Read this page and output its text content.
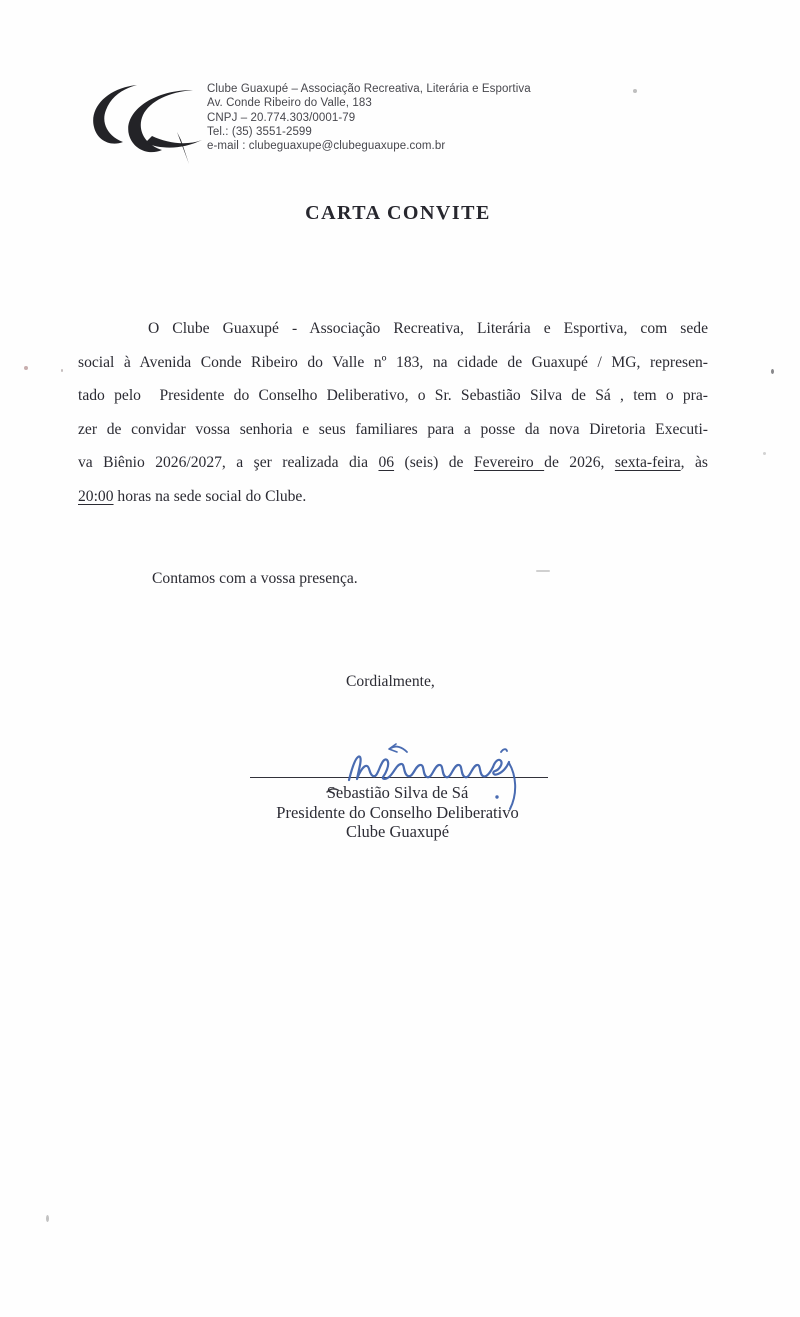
Clube Guaxupé – Associação Recreativa, Literária e Esportiva
Av. Conde Ribeiro do Valle, 183
CNPJ – 20.774.303/0001-79
Tel.: (35) 3551-2599
e-mail : clubeguaxupe@clubeguaxupe.com.br
CARTA CONVITE
O Clube Guaxupé - Associação Recreativa, Literária e Esportiva, com sede
social à Avenida Conde Ribeiro do Valle nº 183, na cidade de Guaxupé / MG, represen-
tado pelo  Presidente do Conselho Deliberativo, o Sr. Sebastião Silva de Sá , tem o pra-
zer de convidar vossa senhoria e seus familiares para a posse da nova Diretoria Executi-
va Biênio 2026/2027, a şer realizada dia 06 (seis) de Fevereiro de 2026, sexta-feira, às
20:00 horas na sede social do Clube.

Contamos com a vossa presença.

Cordialmente,

Sebastião Silva de Sá
Presidente do Conselho Deliberativo
Clube Guaxupé
